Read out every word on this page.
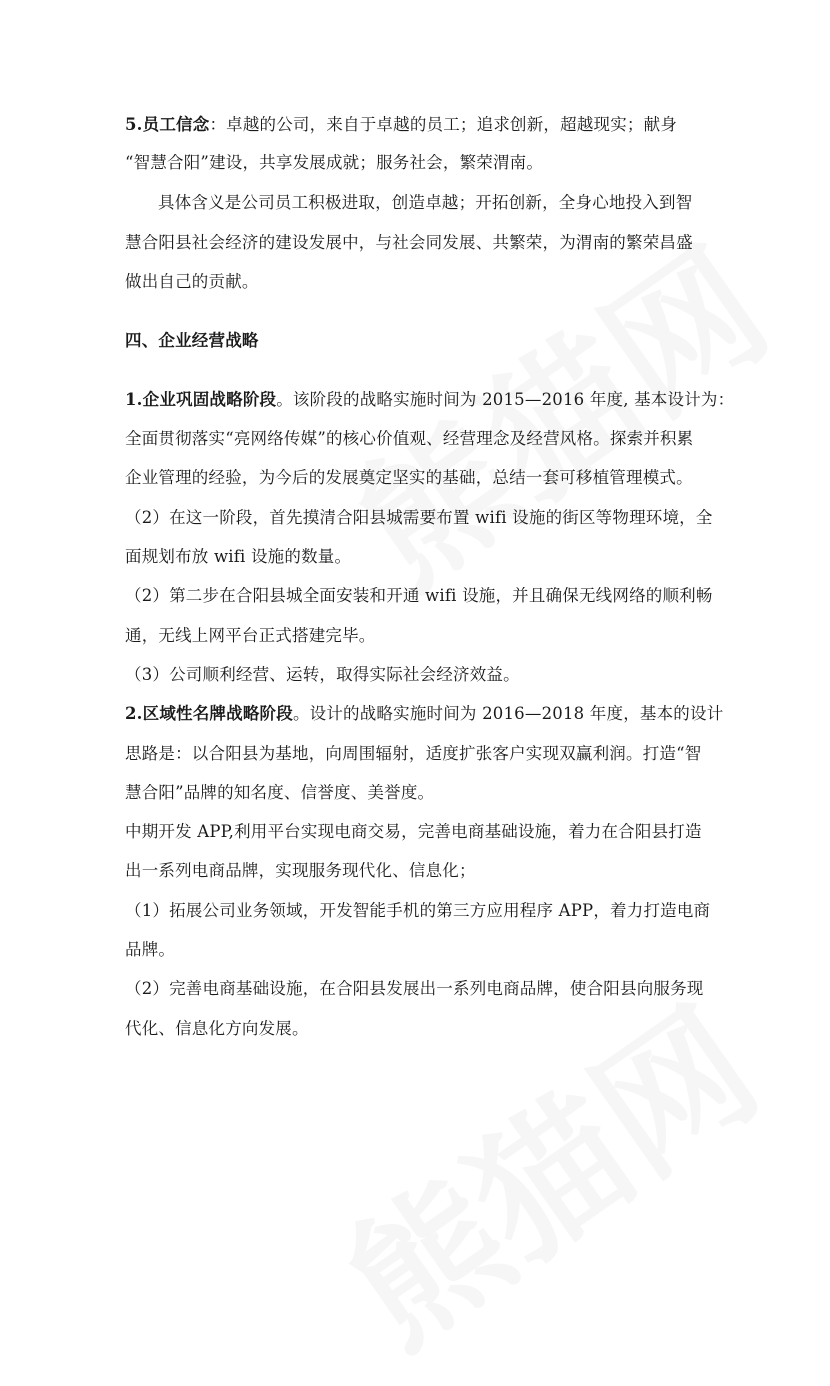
5.员工信念：卓越的公司，来自于卓越的员工；追求创新，超越现实；献身
“智慧合阳”建设，共享发展成就；服务社会，繁荣渭南。
具体含义是公司员工积极进取，创造卓越；开拓创新，全身心地投入到智
慧合阳县社会经济的建设发展中，与社会同发展、共繁荣，为渭南的繁荣昌盛
做出自己的贡献。
四、企业经营战略
1.企业巩固战略阶段。该阶段的战略实施时间为 2015—2016 年度, 基本设计为：
全面贯彻落实“亮网络传媒”的核心价值观、经营理念及经营风格。探索并积累
企业管理的经验，为今后的发展奠定坚实的基础，总结一套可移植管理模式。
（2）在这一阶段，首先摸清合阳县城需要布置 wifi 设施的街区等物理环境，全
面规划布放 wifi 设施的数量。
（2）第二步在合阳县城全面安装和开通 wifi 设施，并且确保无线网络的顺利畅
通，无线上网平台正式搭建完毕。
（3）公司顺利经营、运转，取得实际社会经济效益。
2.区域性名牌战略阶段。设计的战略实施时间为 2016—2018 年度，基本的设计
思路是：以合阳县为基地，向周围辐射，适度扩张客户实现双赢利润。打造“智
慧合阳”品牌的知名度、信誉度、美誉度。
中期开发 APP,利用平台实现电商交易，完善电商基础设施，着力在合阳县打造
出一系列电商品牌，实现服务现代化、信息化；
（1）拓展公司业务领域，开发智能手机的第三方应用程序 APP，着力打造电商
品牌。
（2）完善电商基础设施，在合阳县发展出一系列电商品牌，使合阳县向服务现
代化、信息化方向发展。
